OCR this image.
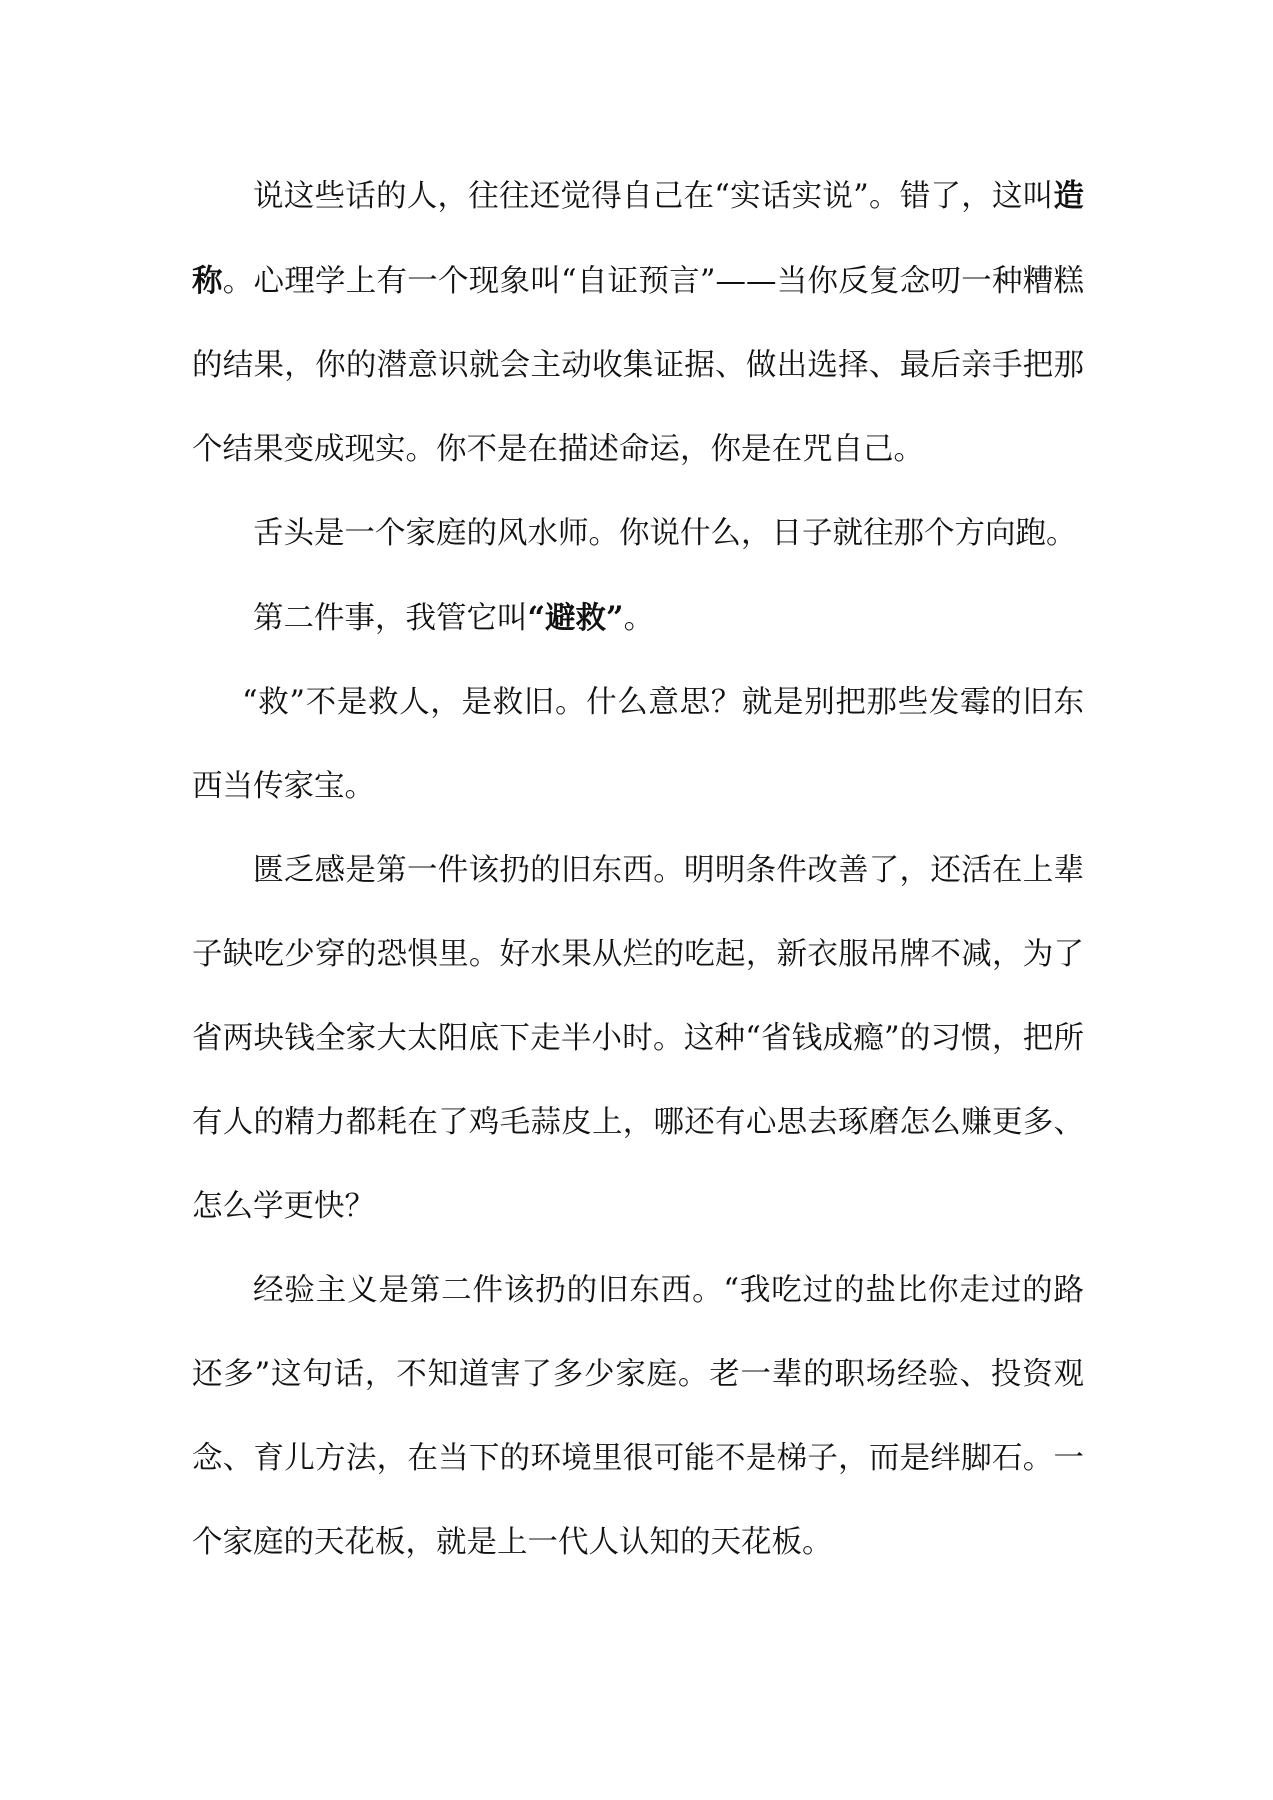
说这些话的人，往往还觉得自己在“实话实说”。错了，这叫造称。心理学上有一个现象叫“自证预言”——当你反复念叨一种糟糕的结果，你的潜意识就会主动收集证据、做出选择、最后亲手把那个结果变成现实。你不是在描述命运，你是在咒自己。

舌头是一个家庭的风水师。你说什么，日子就往那个方向跑。

第二件事，我管它叫“避救”。

“救”不是救人，是救旧。什么意思？就是别把那些发霉的旧东西当传家宝。

匮乏感是第一件该扔的旧东西。明明条件改善了，还活在上辈子缺吃少穿的恐惧里。好水果从烂的吃起，新衣服吊牌不减，为了省两块钱全家大太阳底下走半小时。这种“省钱成瘾”的习惯，把所有人的精力都耗在了鸡毛蒜皮上，哪还有心思去琢磨怎么赚更多、怎么学更快？

经验主义是第二件该扔的旧东西。“我吃过的盐比你走过的路还多”这句话，不知道害了多少家庭。老一辈的职场经验、投资观念、育儿方法，在当下的环境里很可能不是梯子，而是绊脚石。一个家庭的天花板，就是上一代人认知的天花板。
